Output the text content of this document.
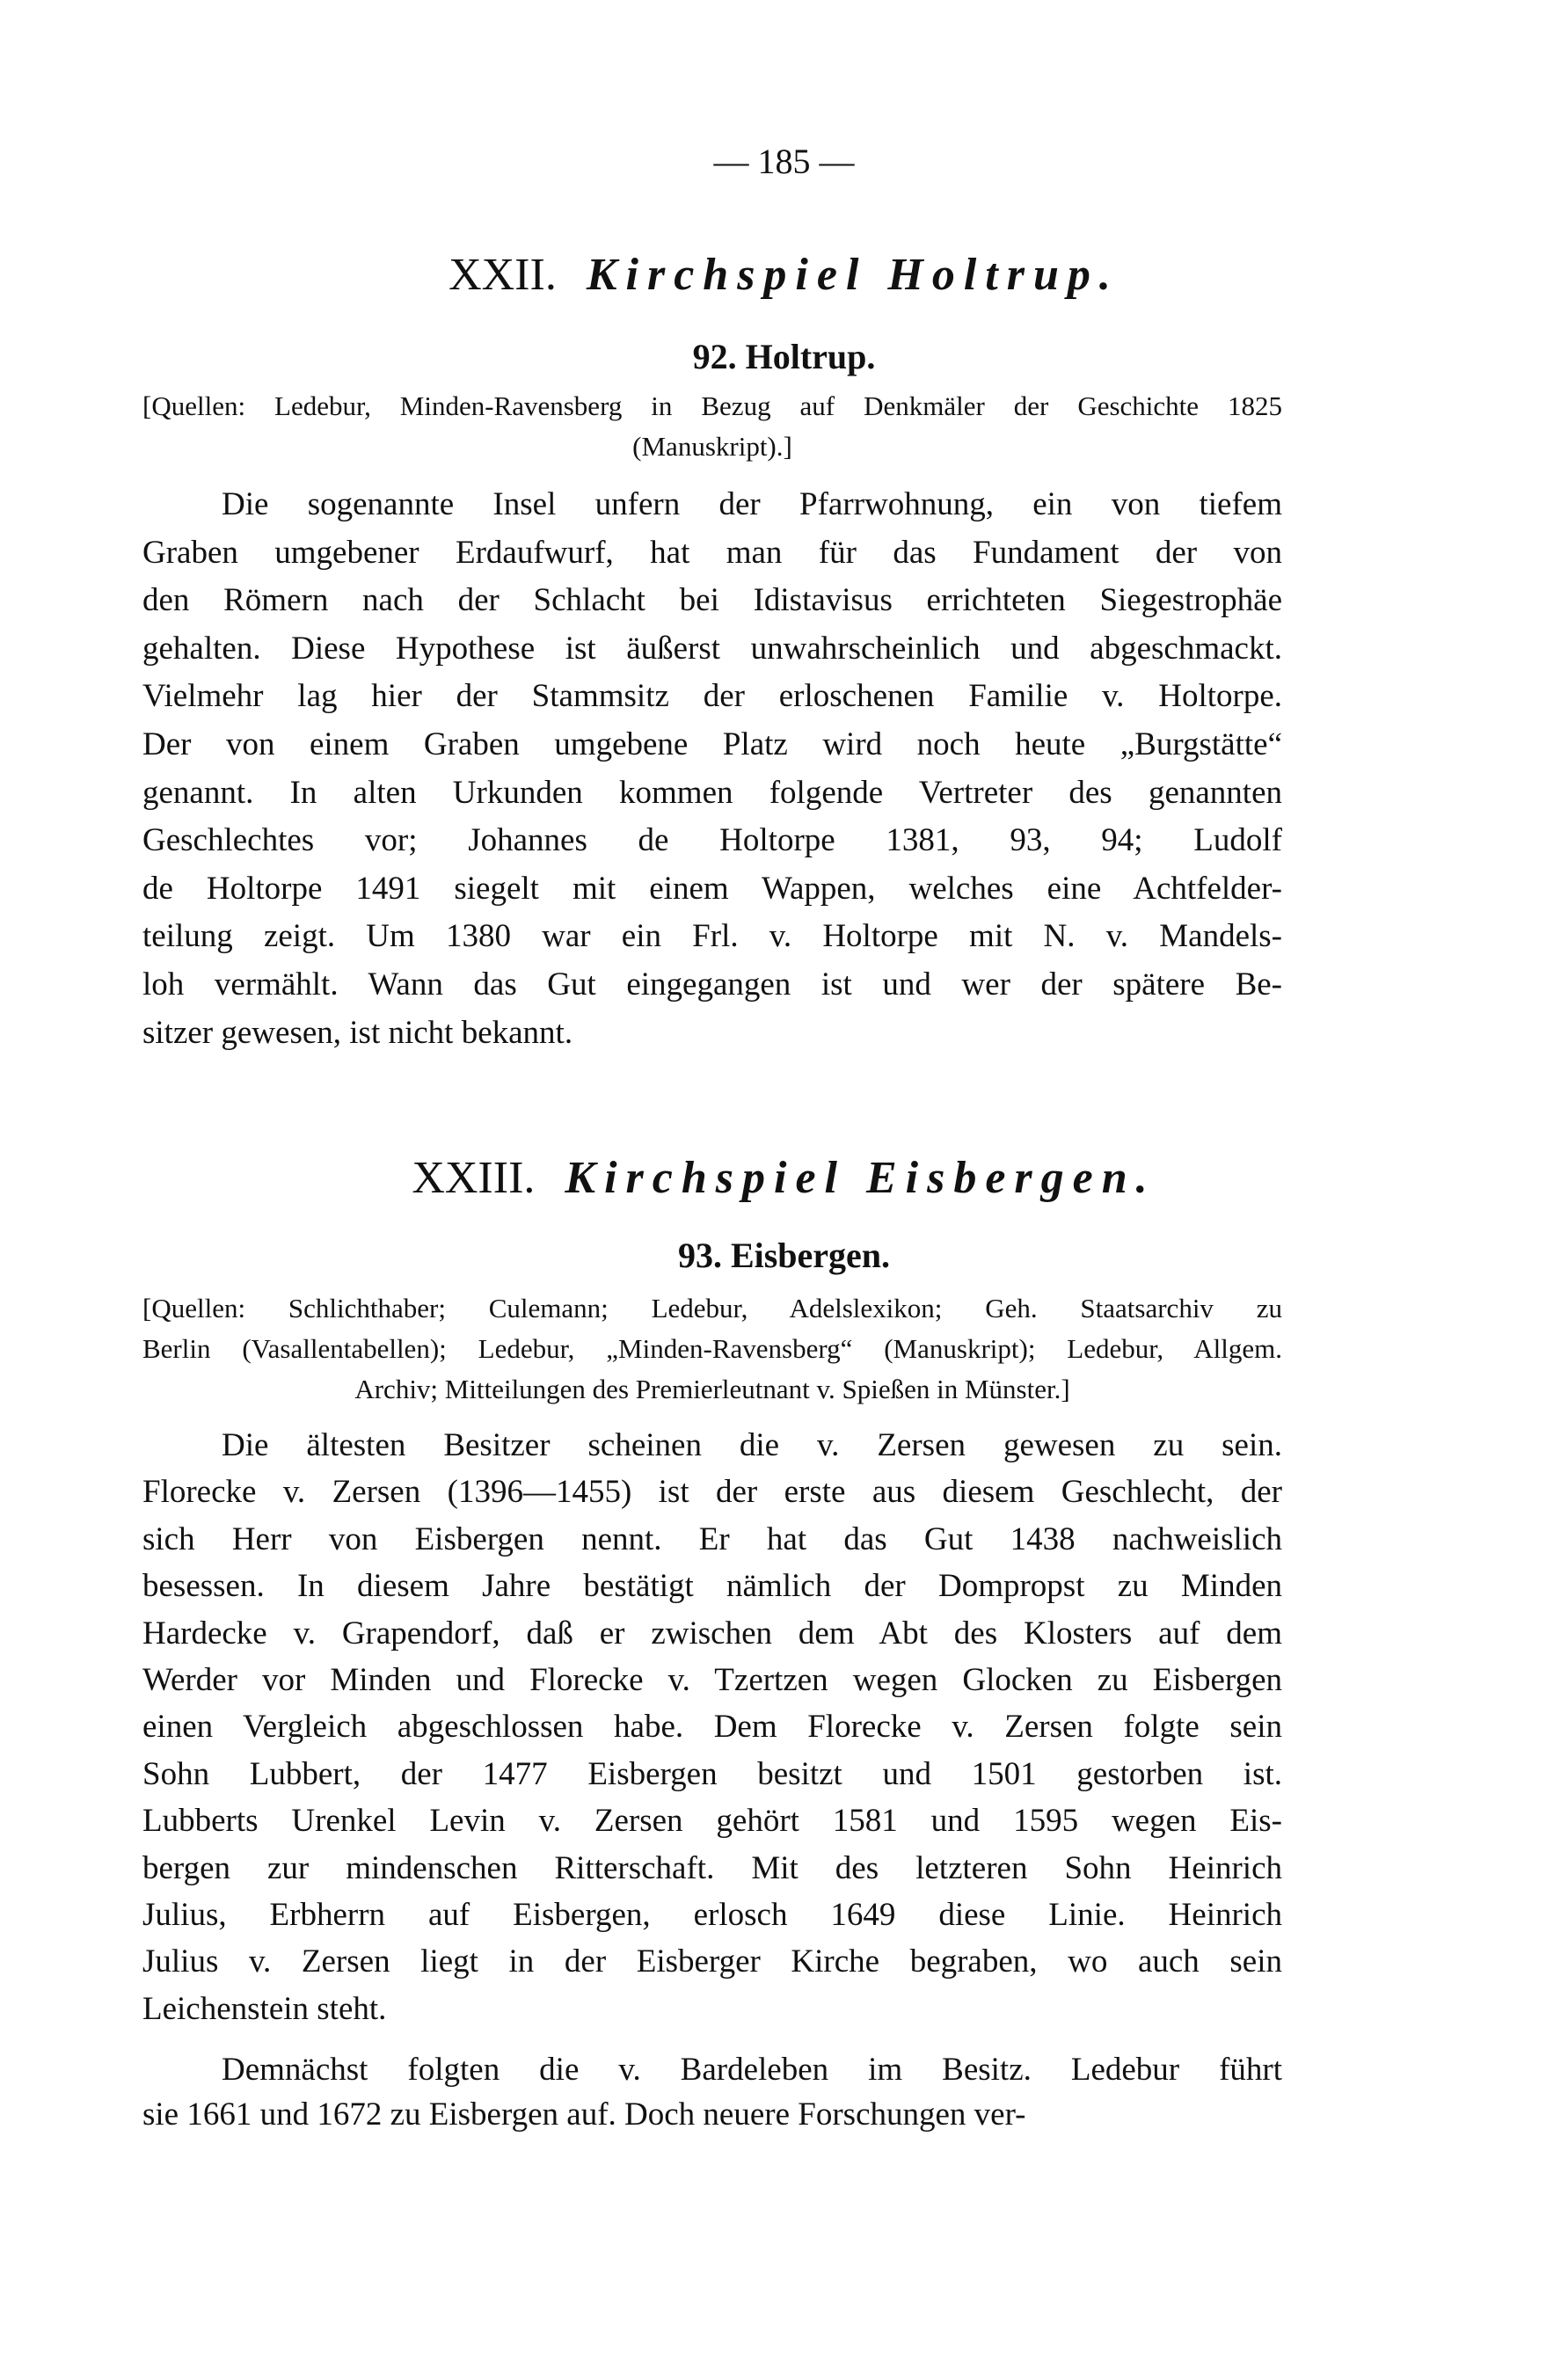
— 185 —
XXII. Kirchspiel Holtrup.
92. Holtrup.
[Quellen: Ledebur, Minden-Ravensberg in Bezug auf Denkmäler der Geschichte 1825
(Manuskript).]
Die sogenannte Insel unfern der Pfarrwohnung, ein von tiefem
Graben umgebener Erdaufwurf, hat man für das Fundament der von
den Römern nach der Schlacht bei Idistavisus errichteten Siegestrophäe
gehalten. Diese Hypothese ist äußerst unwahrscheinlich und abgeschmackt.
Vielmehr lag hier der Stammsitz der erloschenen Familie v. Holtorpe.
Der von einem Graben umgebene Platz wird noch heute „Burgstätte“
genannt. In alten Urkunden kommen folgende Vertreter des genannten
Geschlechtes vor; Johannes de Holtorpe 1381, 93, 94; Ludolf
de Holtorpe 1491 siegelt mit einem Wappen, welches eine Achtfelder-
teilung zeigt. Um 1380 war ein Frl. v. Holtorpe mit N. v. Mandels-
loh vermählt. Wann das Gut eingegangen ist und wer der spätere Be-
sitzer gewesen, ist nicht bekannt.
XXIII. Kirchspiel Eisbergen.
93. Eisbergen.
[Quellen: Schlichthaber; Culemann; Ledebur, Adelslexikon; Geh. Staatsarchiv zu
Berlin (Vasallentabellen); Ledebur, „Minden-Ravensberg“ (Manuskript); Ledebur, Allgem.
Archiv; Mitteilungen des Premierleutnant v. Spießen in Münster.]
Die ältesten Besitzer scheinen die v. Zersen gewesen zu sein.
Florecke v. Zersen (1396—1455) ist der erste aus diesem Geschlecht, der
sich Herr von Eisbergen nennt. Er hat das Gut 1438 nachweislich
besessen. In diesem Jahre bestätigt nämlich der Dompropst zu Minden
Hardecke v. Grapendorf, daß er zwischen dem Abt des Klosters auf dem
Werder vor Minden und Florecke v. Tzertzen wegen Glocken zu Eisbergen
einen Vergleich abgeschlossen habe. Dem Florecke v. Zersen folgte sein
Sohn Lubbert, der 1477 Eisbergen besitzt und 1501 gestorben ist.
Lubberts Urenkel Levin v. Zersen gehört 1581 und 1595 wegen Eis-
bergen zur mindenschen Ritterschaft. Mit des letzteren Sohn Heinrich
Julius, Erbherrn auf Eisbergen, erlosch 1649 diese Linie. Heinrich
Julius v. Zersen liegt in der Eisberger Kirche begraben, wo auch sein
Leichenstein steht.
Demnächst folgten die v. Bardeleben im Besitz. Ledebur führt
sie 1661 und 1672 zu Eisbergen auf. Doch neuere Forschungen ver-
